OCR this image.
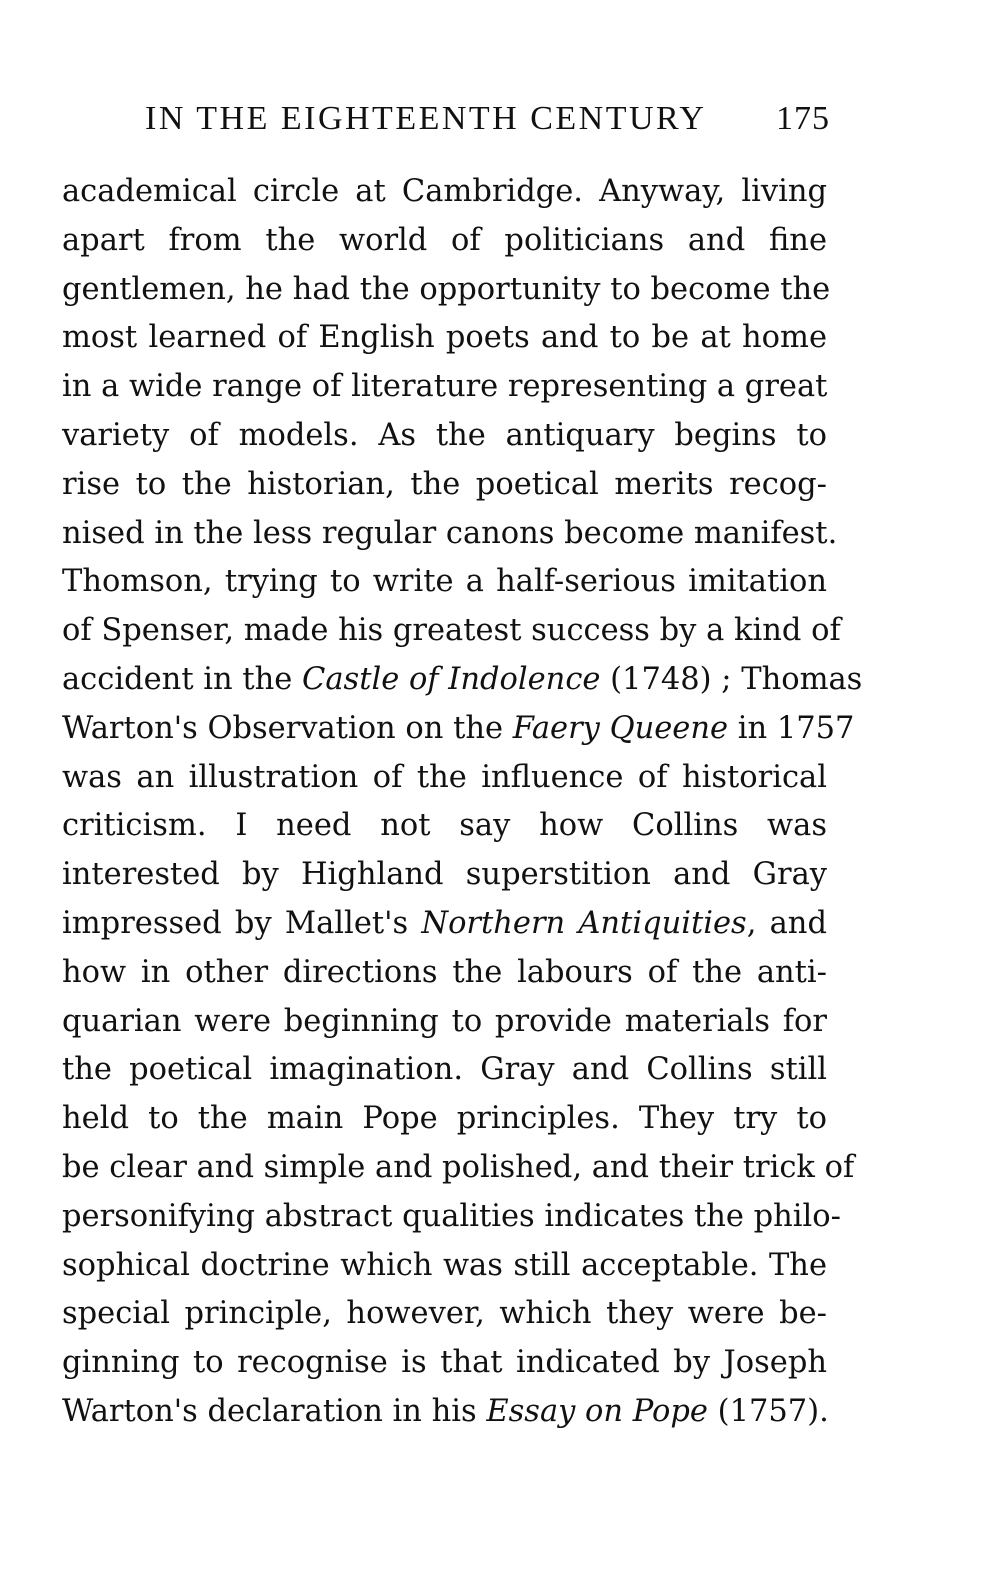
IN THE EIGHTEENTH CENTURY 175
academical circle at Cambridge. Anyway, living
apart from the world of politicians and fine
gentlemen, he had the opportunity to become the
most learned of English poets and to be at home
in a wide range of literature representing a great
variety of models. As the antiquary begins to
rise to the historian, the poetical merits recog-
nised in the less regular canons become manifest.
Thomson, trying to write a half-serious imitation
of Spenser, made his greatest success by a kind of
accident in the Castle of Indolence (1748) ; Thomas
Warton's Observation on the Faery Queene in 1757
was an illustration of the influence of historical
criticism. I need not say how Collins was
interested by Highland superstition and Gray
impressed by Mallet's Northern Antiquities, and
how in other directions the labours of the anti-
quarian were beginning to provide materials for
the poetical imagination. Gray and Collins still
held to the main Pope principles. They try to
be clear and simple and polished, and their trick of
personifying abstract qualities indicates the philo-
sophical doctrine which was still acceptable. The
special principle, however, which they were be-
ginning to recognise is that indicated by Joseph
Warton's declaration in his Essay on Pope (1757).
